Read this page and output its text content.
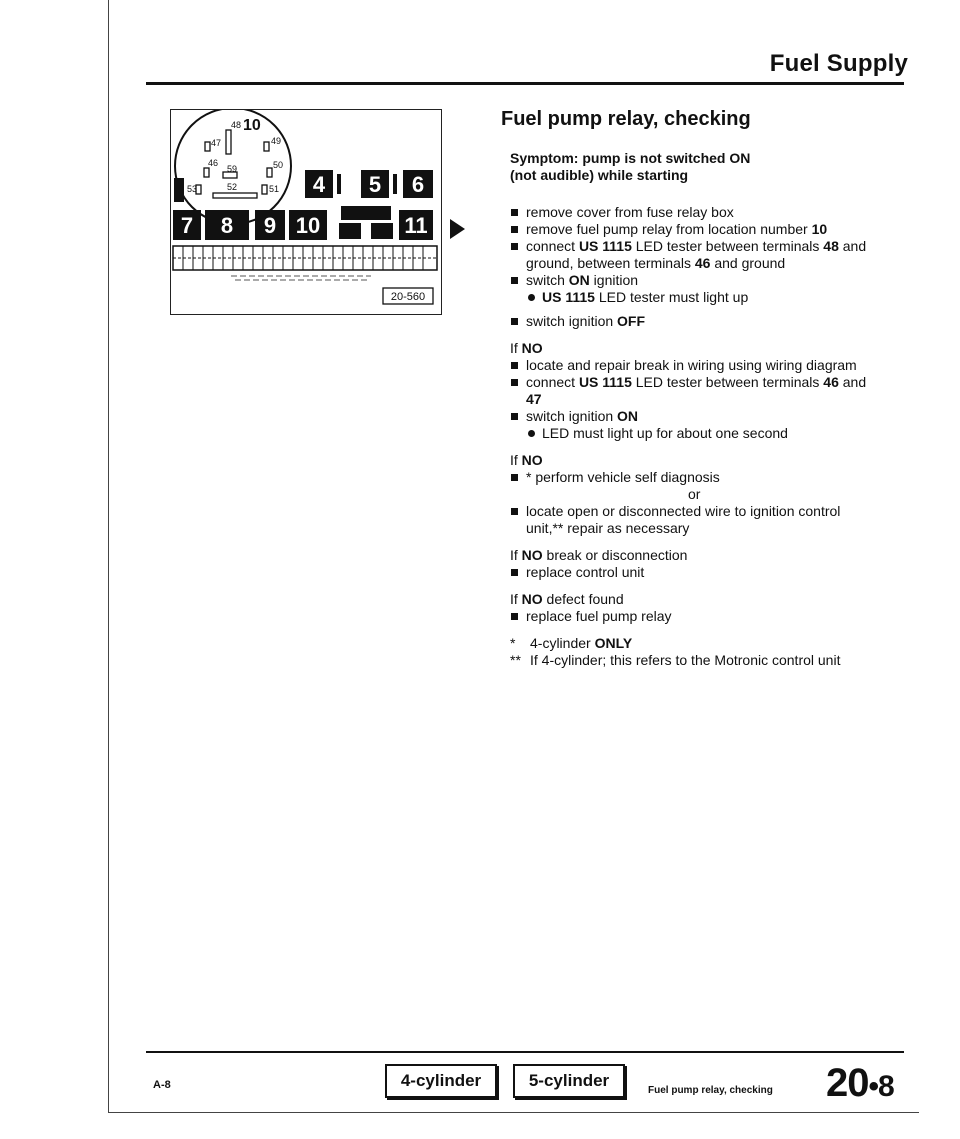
Fuel Supply
48 10
47	49
46
59	50
53	52	51 4 5 6
7 8 9 10	11
20-560
Fuel pump relay, checking
Symptom: pump is not switched ON
(not audible) while starting
remove cover from fuse relay box
remove fuel pump relay from location number 10
connect US 1115 LED tester between terminals 48 and ground, between terminals 46 and ground
switch ON ignition
US 1115 LED tester must light up
switch ignition OFF
If NO
locate and repair break in wiring using wiring diagram
connect US 1115 LED tester between terminals 46 and 47
switch ignition ON
LED must light up for about one second
If NO
* perform vehicle self diagnosis
or
locate open or disconnected wire to ignition control unit,** repair as necessary
If NO break or disconnection
replace control unit
If NO defect found
replace fuel pump relay
*	4-cylinder ONLY
** If 4-cylinder; this refers to the Motronic control unit
A-8	4-cylinder	5-cylinder
Fuel pump relay, checking 20•8
